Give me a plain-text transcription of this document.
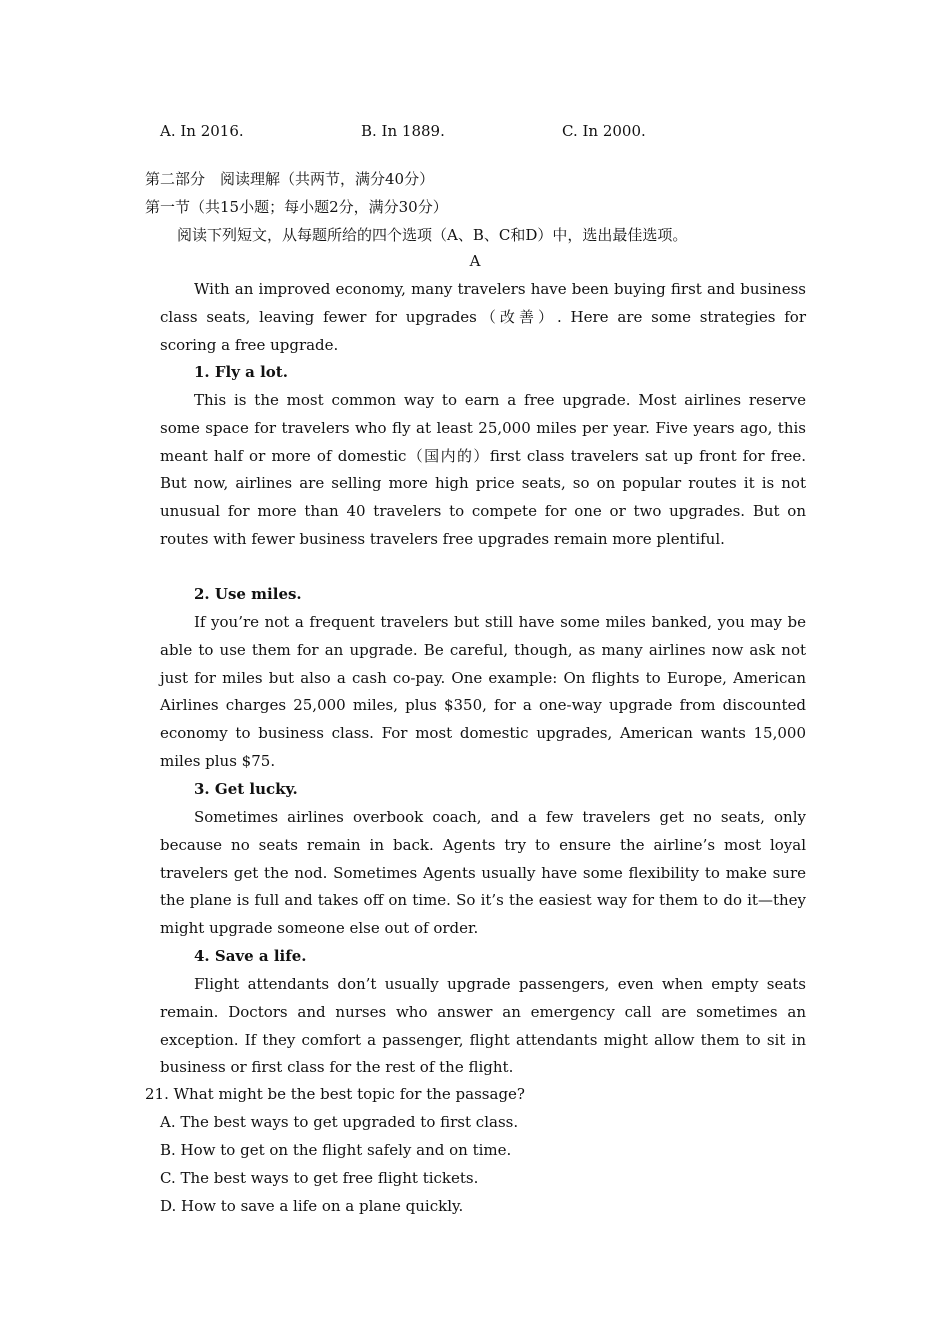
A. In 2016.	B. In 1889.	C. In 2000.
第二部分　阅读理解（共两节，满分40分）
第一节（共15小题；每小题2分，满分30分）
阅读下列短文，从每题所给的四个选项（A、B、C和D）中，选出最佳选项。
A

With an improved economy, many travelers have been buying first and business class seats, leaving fewer for upgrades（改善）. Here are some strategies for scoring a free upgrade.

1. Fly a lot.

This is the most common way to earn a free upgrade. Most airlines reserve some space for travelers who fly at least 25,000 miles per year. Five years ago, this meant half or more of domestic（国内的）first class travelers sat up front for free. But now, airlines are selling more high price seats, so on popular routes it is not unusual for more than 40 travelers to compete for one or two upgrades. But on routes with fewer business travelers free upgrades remain more plentiful.

2. Use miles.

If you’re not a frequent travelers but still have some miles banked, you may be able to use them for an upgrade. Be careful, though, as many airlines now ask not just for miles but also a cash co-pay. One example: On flights to Europe, American Airlines charges 25,000 miles, plus $350, for a one-way upgrade from discounted economy to business class. For most domestic upgrades, American wants 15,000 miles plus $75.

3. Get lucky.

Sometimes airlines overbook coach, and a few travelers get no seats, only because no seats remain in back. Agents try to ensure the airline’s most loyal travelers get the nod. Sometimes Agents usually have some flexibility to make sure the plane is full and takes off on time. So it’s the easiest way for them to do it—they might upgrade someone else out of order.

4. Save a life.

Flight attendants don’t usually upgrade passengers, even when empty seats remain. Doctors and nurses who answer an emergency call are sometimes an exception. If they comfort a passenger, flight attendants might allow them to sit in business or first class for the rest of the flight.

21. What might be the best topic for the passage?
A. The best ways to get upgraded to first class.
B. How to get on the flight safely and on time.
C. The best ways to get free flight tickets.
D. How to save a life on a plane quickly.
